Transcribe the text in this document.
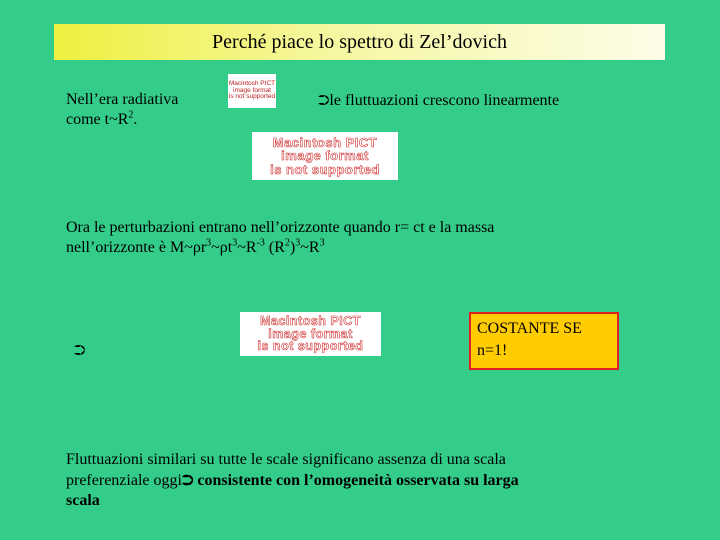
Perché piace lo spettro di Zel’dovich
Nell’era radiativa
come $t\sim R^2$.
Macintosh PICT
image format
is not supported	⮊le fluttuazioni crescono linearmente
Macintosh PICT
image format
is not supported
Ora le perturbazioni entrano nell’orizzonte quando r= ct e la massa
nell’orizzonte è $M\sim\rho r^3\sim\rho t^3\sim R^{-3}$ $(R^2)^3\sim R^3$
⮊
Macintosh PICT
image format
is not supported
COSTANTE SE
n=1!
Fluttuazioni similari su tutte le scale significano assenza di una scala
preferenziale oggi⮊ consistente con l’omogeneità osservata su larga
scala
